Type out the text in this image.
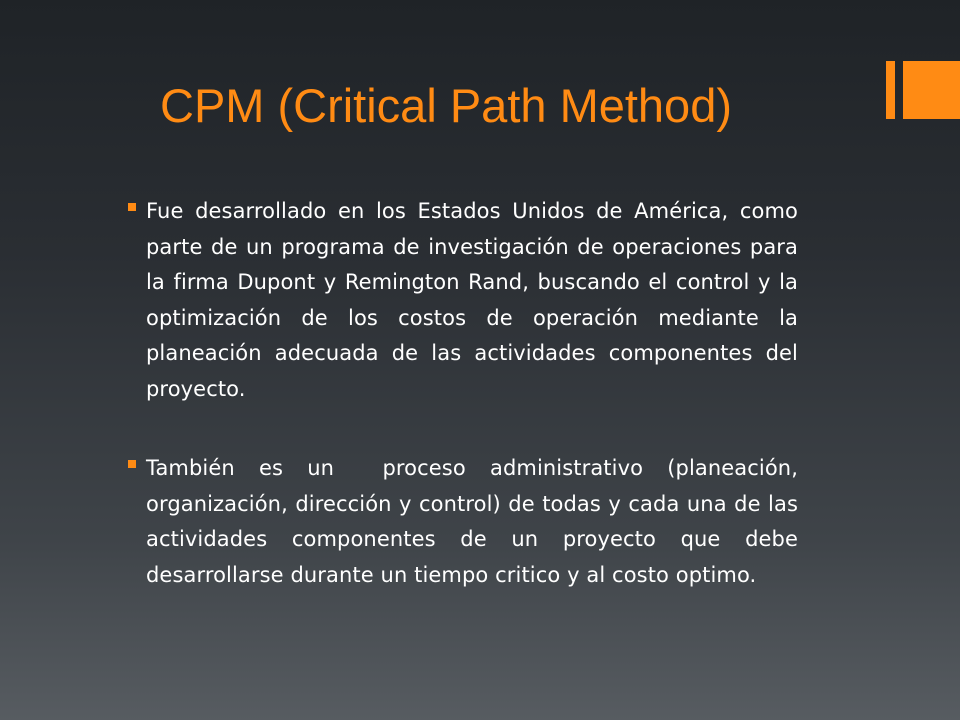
CPM (Critical Path Method)

Fue desarrollado en los Estados Unidos de América, como parte de un programa de investigación de operaciones para la firma Dupont y Remington Rand, buscando el control y la optimización de los costos de operación mediante la planeación adecuada de las actividades componentes del proyecto.

También es un  proceso administrativo (planeación, organización, dirección y control) de todas y cada una de las actividades componentes de un proyecto que debe desarrollarse durante un tiempo critico y al costo optimo.
